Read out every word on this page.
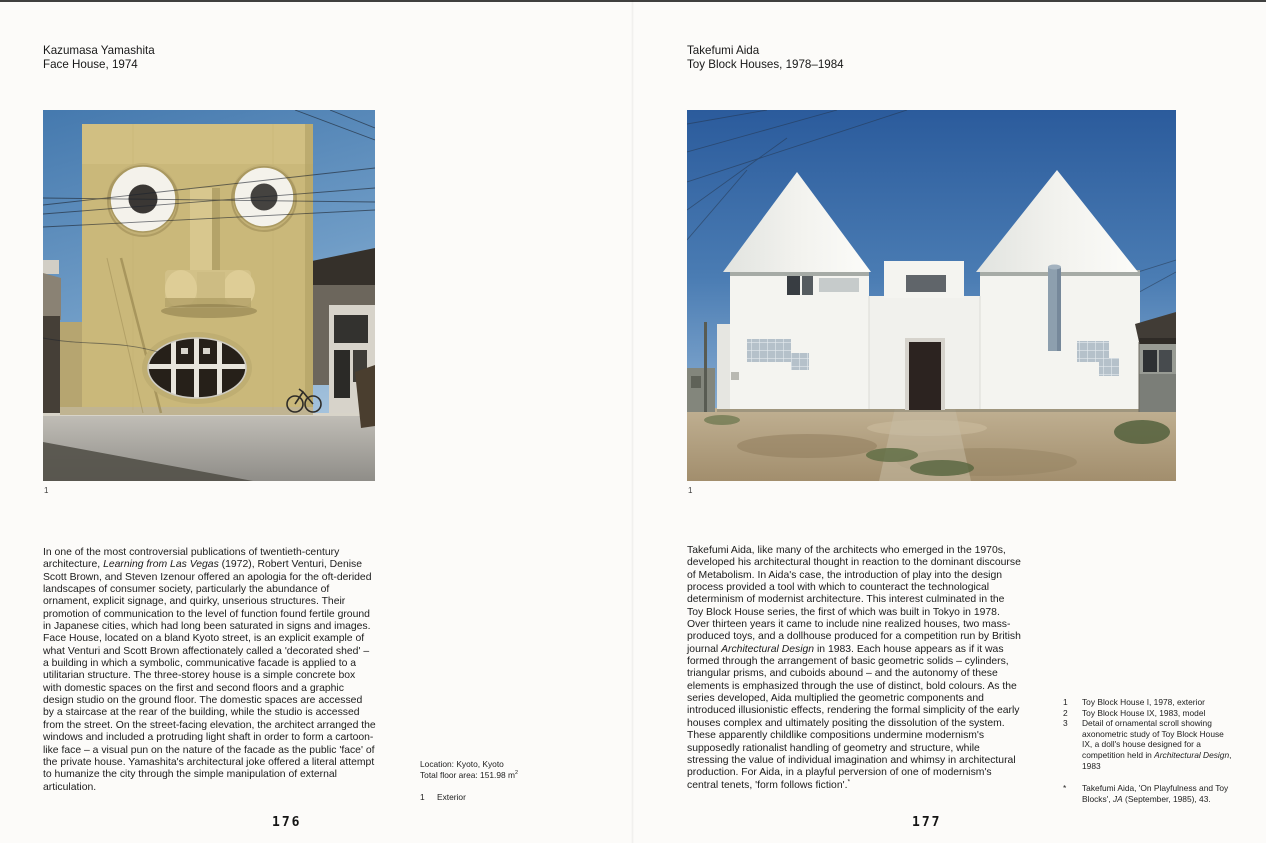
Kazumasa Yamashita
Face House, 1974
1
In one of the most controversial publications of twentieth-century architecture, Learning from Las Vegas (1972), Robert Venturi, Denise Scott Brown, and Steven Izenour offered an apologia for the oft-derided landscapes of consumer society, particularly the abundance of ornament, explicit signage, and quirky, unserious structures. Their promotion of communication to the level of function found fertile ground in Japanese cities, which had long been saturated in signs and images. Face House, located on a bland Kyoto street, is an explicit example of what Venturi and Scott Brown affectionately called a 'decorated shed' – a building in which a symbolic, communicative facade is applied to a utilitarian structure. The three-storey house is a simple concrete box with domestic spaces on the first and second floors and a graphic design studio on the ground floor. The domestic spaces are accessed by a staircase at the rear of the building, while the studio is accessed from the street. On the street-facing elevation, the architect arranged the windows and included a protruding light shaft in order to form a cartoon-like face – a visual pun on the nature of the facade as the public 'face' of the private house. Yamashita's architectural joke offered a literal attempt to humanize the city through the simple manipulation of external articulation.
Location: Kyoto, Kyoto
Total floor area: 151.98 $m^2$
1	Exterior
176
Takefumi Aida
Toy Block Houses, 1978–1984
1
Takefumi Aida, like many of the architects who emerged in the 1970s, developed his architectural thought in reaction to the dominant discourse of Metabolism. In Aida's case, the introduction of play into the design process provided a tool with which to counteract the technological determinism of modernist architecture. This interest culminated in the Toy Block House series, the first of which was built in Tokyo in 1978. Over thirteen years it came to include nine realized houses, two mass-produced toys, and a dollhouse produced for a competition run by British journal Architectural Design in 1983. Each house appears as if it was formed through the arrangement of basic geometric solids – cylinders, triangular prisms, and cuboids abound – and the autonomy of these elements is emphasized through the use of distinct, bold colours. As the series developed, Aida multiplied the geometric components and introduced illusionistic effects, rendering the formal simplicity of the early houses complex and ultimately positing the dissolution of the system. These apparently childlike compositions undermine modernism's supposedly rationalist handling of geometry and structure, while stressing the value of individual imagination and whimsy in architectural production. For Aida, in a playful perversion of one of modernism's central tenets, 'form follows fiction'.*
1	Toy Block House I, 1978, exterior
2	Toy Block House IX, 1983, model
3	Detail of ornamental scroll showing axonometric study of Toy Block House IX, a doll's house designed for a competition held in Architectural Design, 1983
*	Takefumi Aida, 'On Playfulness and Toy Blocks', JA (September, 1985), 43.
177
